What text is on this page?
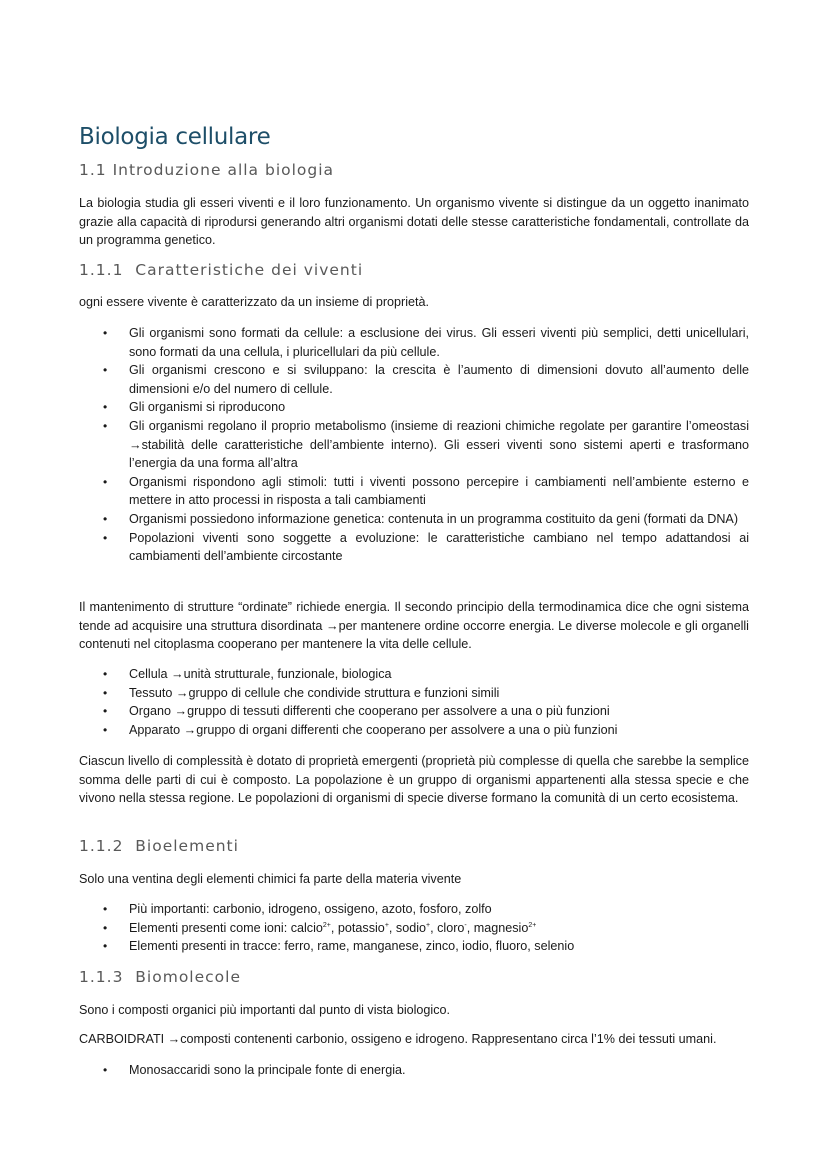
Biologia cellulare
1.1 Introduzione alla biologia

La biologia studia gli esseri viventi e il loro funzionamento. Un organismo vivente si distingue da un oggetto inanimato grazie alla capacità di riprodursi generando altri organismi dotati delle stesse caratteristiche fondamentali, controllate da un programma genetico.

1.1.1  Caratteristiche dei viventi

ogni essere vivente è caratterizzato da un insieme di proprietà.

• Gli organismi sono formati da cellule: a esclusione dei virus. Gli esseri viventi più semplici, detti unicellulari, sono formati da una cellula, i pluricellulari da più cellule.
• Gli organismi crescono e si sviluppano: la crescita è l’aumento di dimensioni dovuto all’aumento delle dimensioni e/o del numero di cellule.
• Gli organismi si riproducono
• Gli organismi regolano il proprio metabolismo (insieme di reazioni chimiche regolate per garantire l’omeostasi →stabilità delle caratteristiche dell’ambiente interno). Gli esseri viventi sono sistemi aperti e trasformano l’energia da una forma all’altra
• Organismi rispondono agli stimoli: tutti i viventi possono percepire i cambiamenti nell’ambiente esterno e mettere in atto processi in risposta a tali cambiamenti
• Organismi possiedono informazione genetica: contenuta in un programma costituito da geni (formati da DNA)
• Popolazioni viventi sono soggette a evoluzione: le caratteristiche cambiano nel tempo adattandosi ai cambiamenti dell’ambiente circostante

Il mantenimento di strutture “ordinate” richiede energia. Il secondo principio della termodinamica dice che ogni sistema tende ad acquisire una struttura disordinata →per mantenere ordine occorre energia. Le diverse molecole e gli organelli contenuti nel citoplasma cooperano per mantenere la vita delle cellule.

• Cellula →unità strutturale, funzionale, biologica
• Tessuto →gruppo di cellule che condivide struttura e funzioni simili
• Organo →gruppo di tessuti differenti che cooperano per assolvere a una o più funzioni
• Apparato →gruppo di organi differenti che cooperano per assolvere a una o più funzioni

Ciascun livello di complessità è dotato di proprietà emergenti (proprietà più complesse di quella che sarebbe la semplice somma delle parti di cui è composto. La popolazione è un gruppo di organismi appartenenti alla stessa specie e che vivono nella stessa regione. Le popolazioni di organismi di specie diverse formano la comunità di un certo ecosistema.

1.1.2  Bioelementi

Solo una ventina degli elementi chimici fa parte della materia vivente

• Più importanti: carbonio, idrogeno, ossigeno, azoto, fosforo, zolfo
• Elementi presenti come ioni: calcio$^{2+}$, potassio+, sodio+, cloro-, magnesio$^{2+}$
• Elementi presenti in tracce: ferro, rame, manganese, zinco, iodio, fluoro, selenio
1.1.3  Biomolecole

Sono i composti organici più importanti dal punto di vista biologico.

CARBOIDRATI →composti contenenti carbonio, ossigeno e idrogeno. Rappresentano circa l’1% dei tessuti umani.

• Monosaccaridi sono la principale fonte di energia.
